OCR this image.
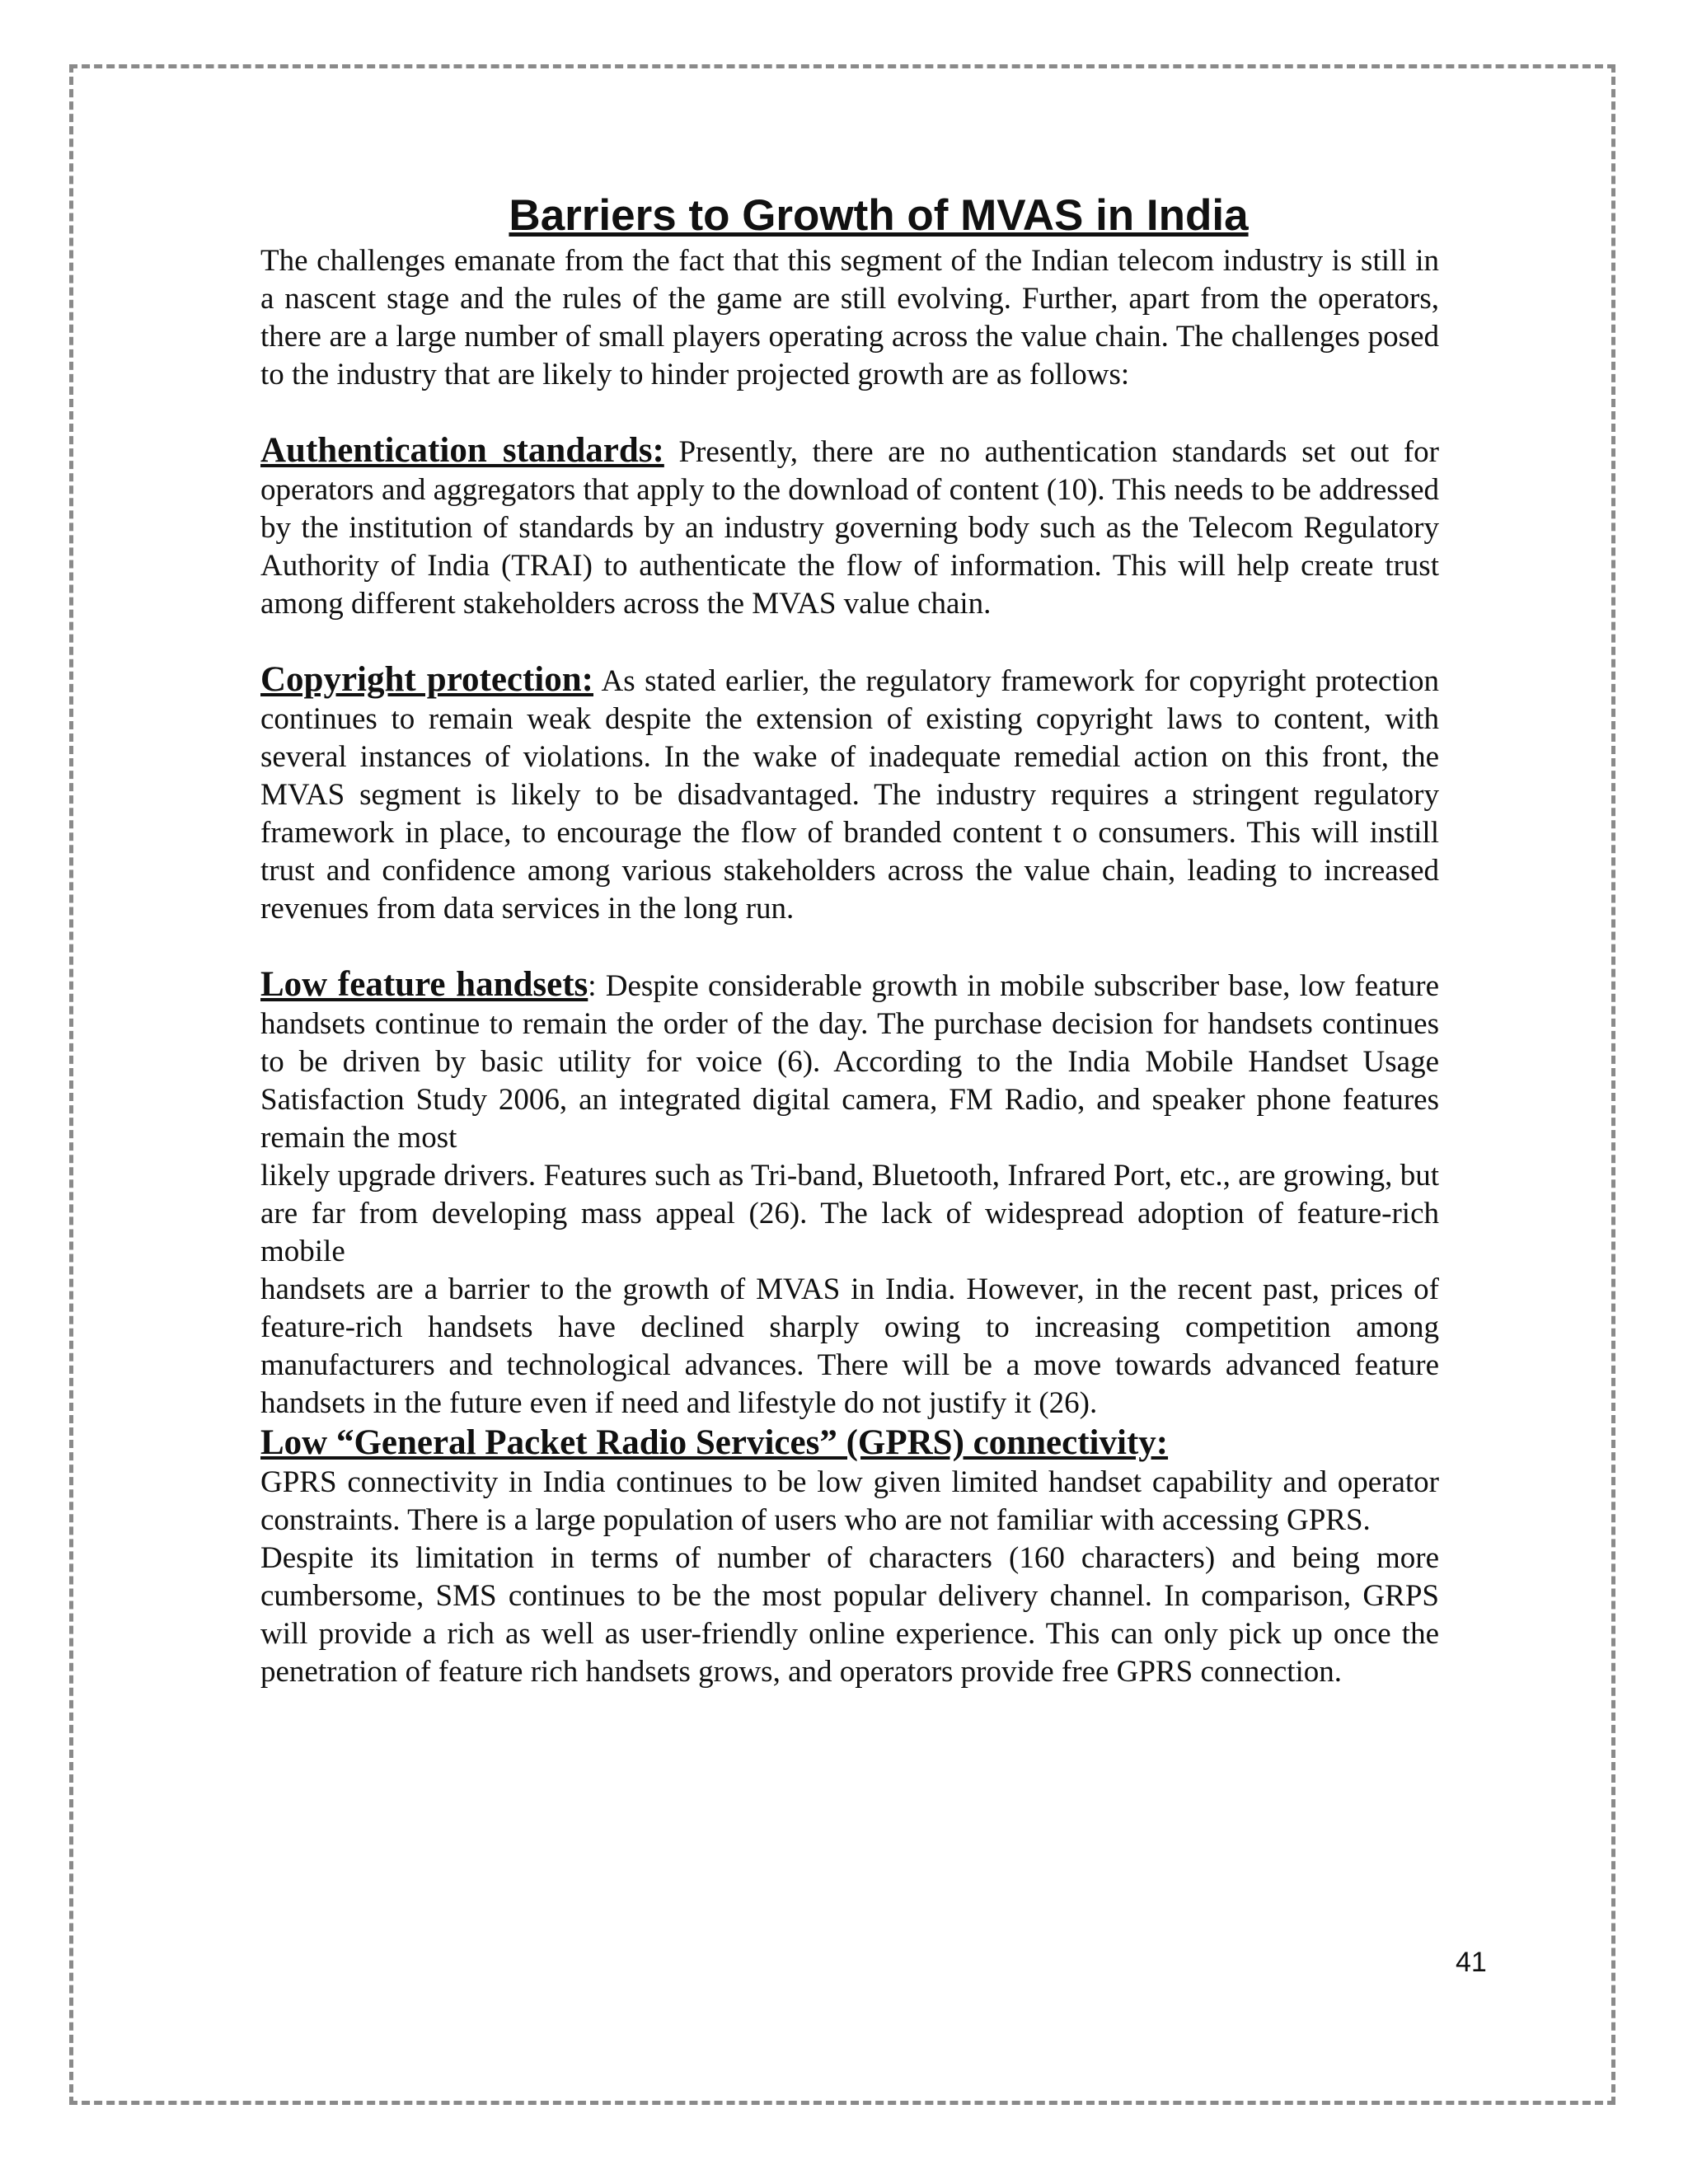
Barriers to Growth of MVAS in India

The challenges emanate from the fact that this segment of the Indian telecom industry is still in a nascent stage and the rules of the game are still evolving. Further, apart from the operators, there are a large number of small players operating across the value chain. The challenges posed to the industry that are likely to hinder projected growth are as follows:

Authentication standards: Presently, there are no authentication standards set out for operators and aggregators that apply to the download of content (10). This needs to be addressed by the institution of standards by an industry governing body such as the Telecom Regulatory Authority of India (TRAI) to authenticate the flow of information. This will help create trust among different stakeholders across the MVAS value chain.

Copyright protection: As stated earlier, the regulatory framework for copyright protection continues to remain weak despite the extension of existing copyright laws to content, with several instances of violations. In the wake of inadequate remedial action on this front, the MVAS segment is likely to be disadvantaged. The industry requires a stringent regulatory framework in place, to encourage the flow of branded content t o consumers. This will instill trust and confidence among various stakeholders across the value chain, leading to increased revenues from data services in the long run.

Low feature handsets: Despite considerable growth in mobile subscriber base, low feature handsets continue to remain the order of the day. The purchase decision for handsets continues to be driven by basic utility for voice (6). According to the India Mobile Handset Usage Satisfaction Study 2006, an integrated digital camera, FM Radio, and speaker phone features remain the most

likely upgrade drivers. Features such as Tri-band, Bluetooth, Infrared Port, etc., are growing, but are far from developing mass appeal (26). The lack of widespread adoption of feature-rich mobile

handsets are a barrier to the growth of MVAS in India. However, in the recent past, prices of feature-rich handsets have declined sharply owing to increasing competition among manufacturers and technological advances. There will be a move towards advanced feature handsets in the future even if need and lifestyle do not justify it (26).

Low “General Packet Radio Services” (GPRS) connectivity:

GPRS connectivity in India continues to be low given limited handset capability and operator constraints. There is a large population of users who are not familiar with accessing GPRS.

Despite its limitation in terms of number of characters (160 characters) and being more cumbersome, SMS continues to be the most popular delivery channel. In comparison, GRPS will provide a rich as well as user-friendly online experience. This can only pick up once the penetration of feature rich handsets grows, and operators provide free GPRS connection.

41
